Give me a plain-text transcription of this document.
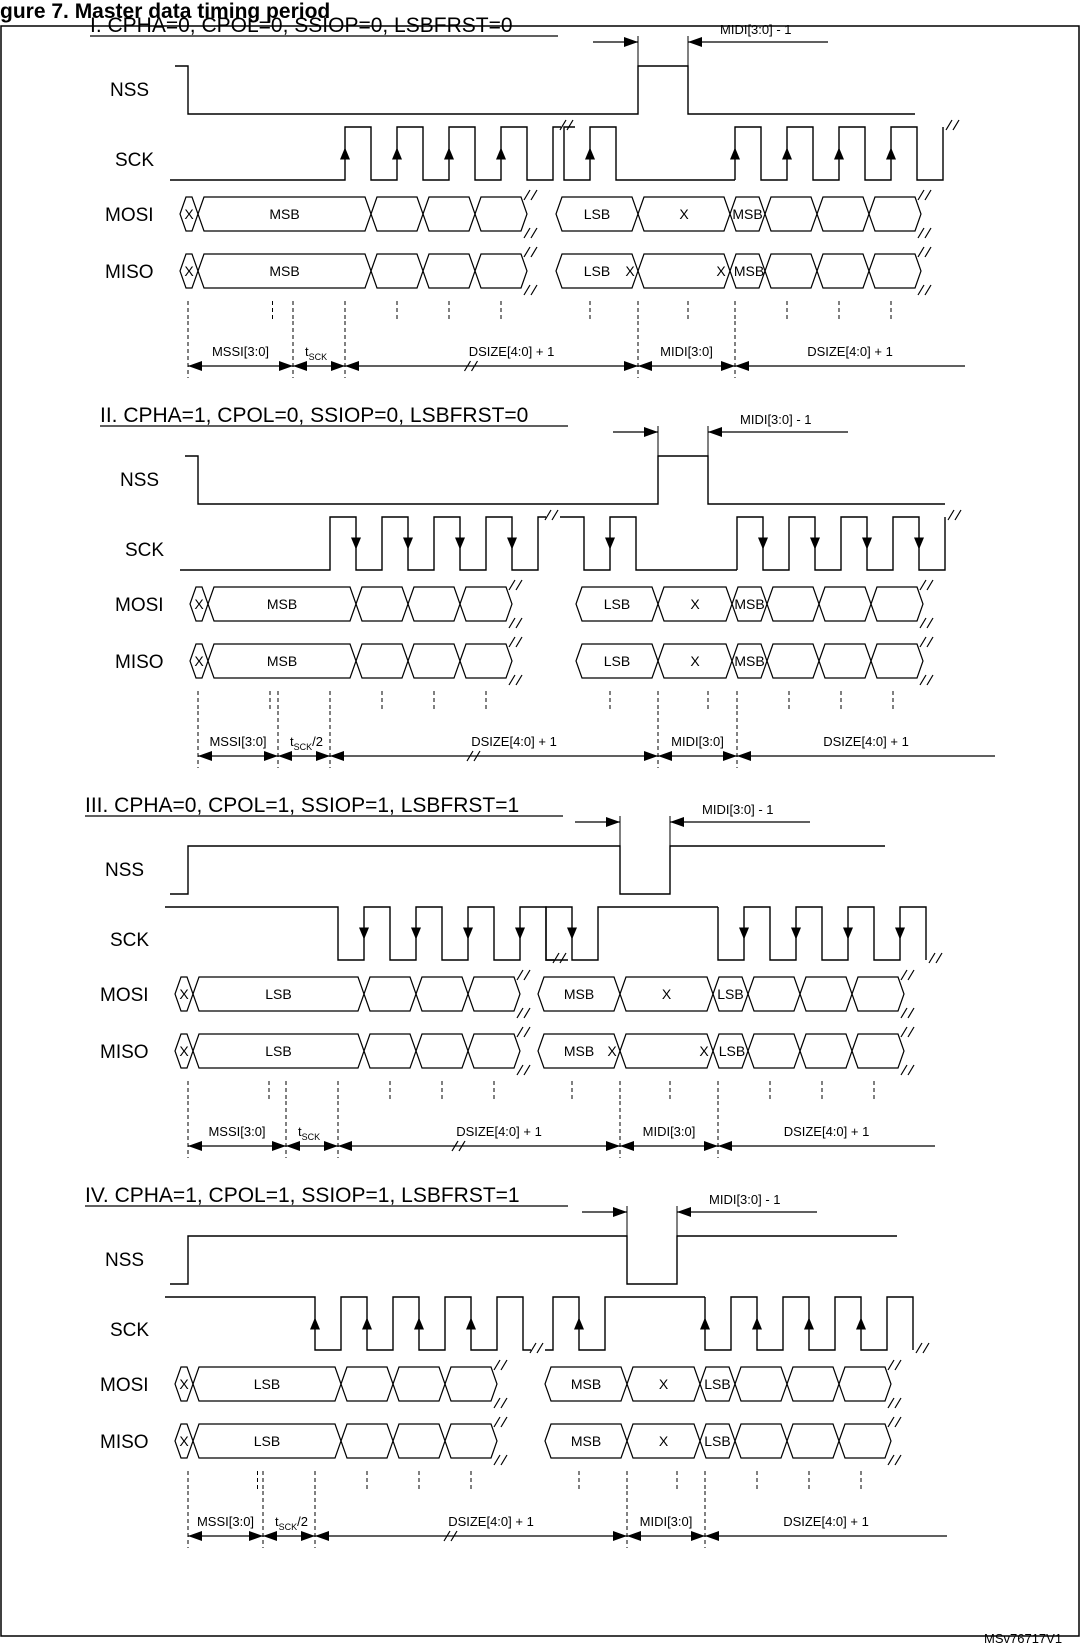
gure 7. Master data timing period
I. CPHA=0, CPOL=0, SSIOP=0, LSBFRST=0
NSS
SCK
MOSI
MISO
MIDI[3:0] - 1
X	MSB	LSB	X	MSB
X	MSB	LSB X	X MSB
MSSI[3:0]	$t_{SCK}$	DSIZE[4:0] + 1	MIDI[3:0]	DSIZE[4:0] + 1
II. CPHA=1, CPOL=0, SSIOP=0, LSBFRST=0
NSS
SCK
MOSI
MISO
MIDI[3:0] - 1
X	MSB	LSB	X MSB
X	MSB	LSB	X MSB
MSSI[3:0] $t_{SCK}/2$	DSIZE[4:0] + 1	MIDI[3:0]	DSIZE[4:0] + 1
III. CPHA=0, CPOL=1, SSIOP=1, LSBFRST=1
NSS
SCK
MOSI
MISO
MIDI[3:0] - 1
X	LSB	MSB	X	LSB
X	LSB	MSB X	X LSB
MSSI[3:0] $t_{SCK}$	DSIZE[4:0] + 1	MIDI[3:0]	DSIZE[4:0] + 1
IV. CPHA=1, CPOL=1, SSIOP=1, LSBFRST=1
NSS
SCK
MOSI
MISO
MIDI[3:0] - 1
X	LSB	MSB	X	LSB
X	LSB	MSB	X	LSB
MSSI[3:0] $t_{SCK}/2$	DSIZE[4:0] + 1	MIDI[3:0]	DSIZE[4:0] + 1
MSv76717V1
